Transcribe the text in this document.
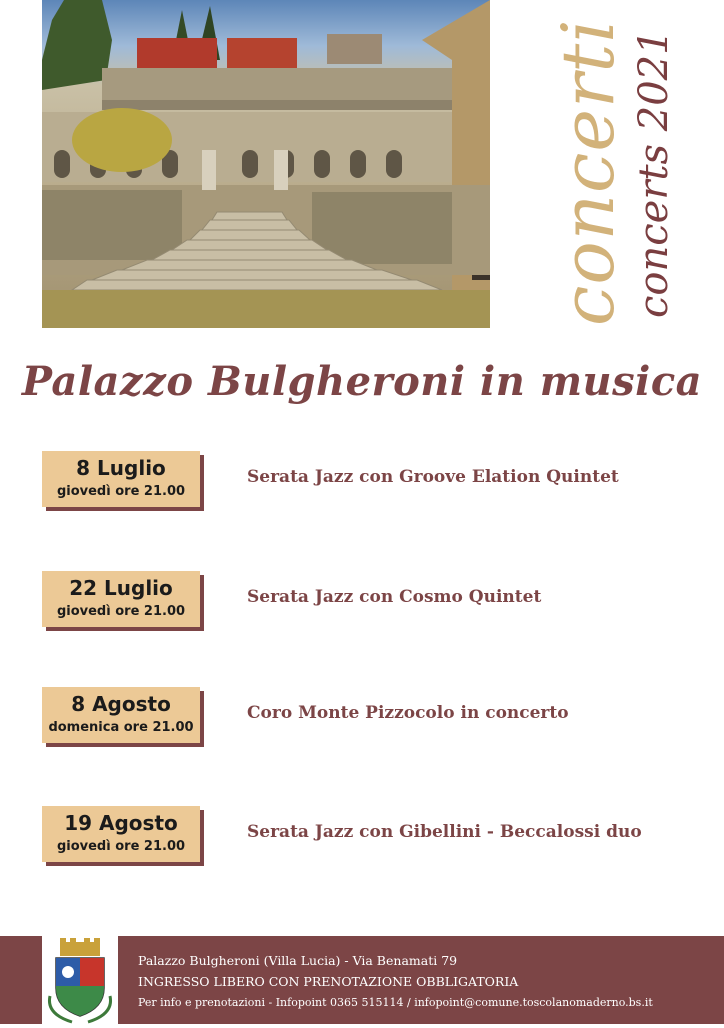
concerti concerts 2021
Palazzo Bulgheroni in musica
8 Luglio
giovedì ore 21.00
Serata Jazz con Groove Elation Quintet
22 Luglio
giovedì ore 21.00
Serata Jazz con Cosmo Quintet
8 Agosto
domenica ore 21.00
Coro Monte Pizzocolo in concerto
19 Agosto
giovedì ore 21.00
Serata Jazz con Gibellini - Beccalossi duo
Palazzo Bulgheroni (Villa Lucia) - Via Benamati 79
INGRESSO LIBERO CON PRENOTAZIONE OBBLIGATORIA
Per info e prenotazioni - Infopoint 0365 515114 / infopoint@comune.toscolanomaderno.bs.it
